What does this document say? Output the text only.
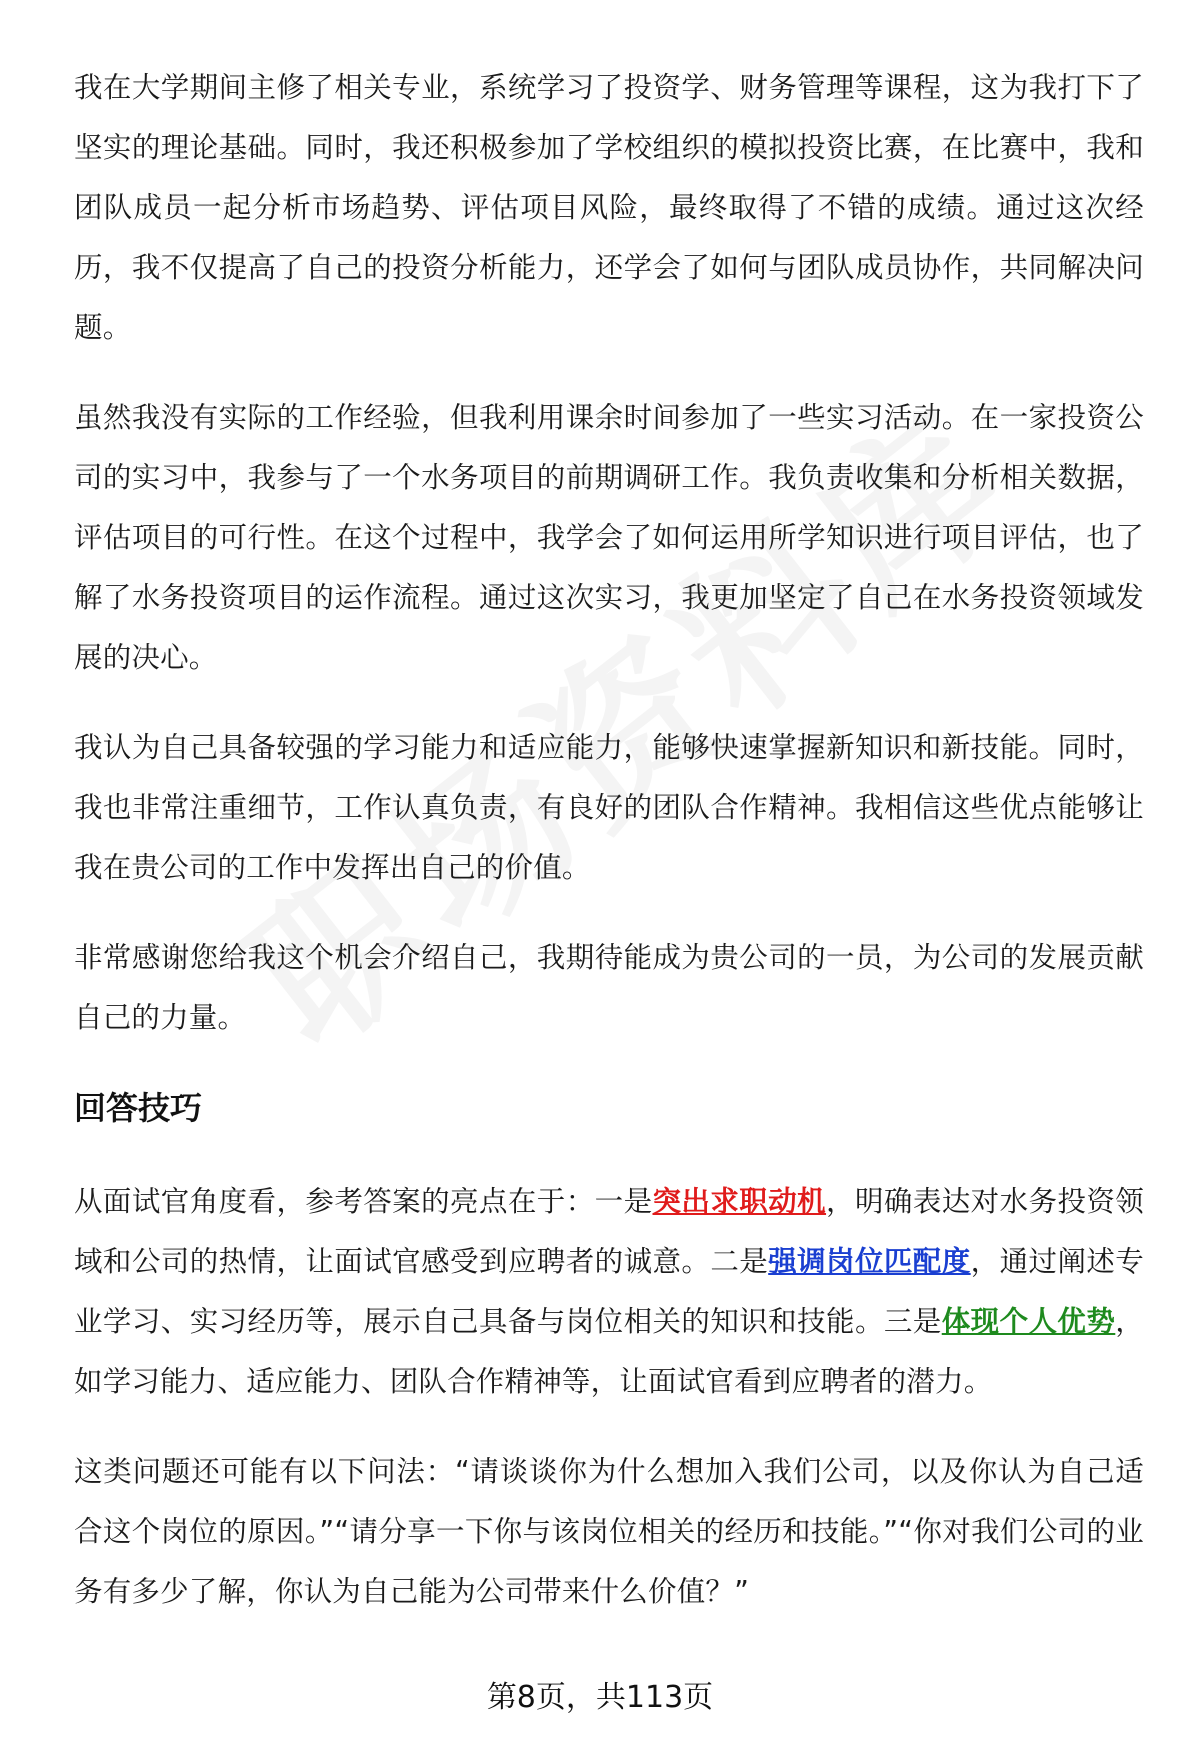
我在大学期间主修了相关专业，系统学习了投资学、财务管理等课程，这为我打下了坚实的理论基础。同时，我还积极参加了学校组织的模拟投资比赛，在比赛中，我和团队成员一起分析市场趋势、评估项目风险，最终取得了不错的成绩。通过这次经历，我不仅提高了自己的投资分析能力，还学会了如何与团队成员协作，共同解决问题。

虽然我没有实际的工作经验，但我利用课余时间参加了一些实习活动。在一家投资公司的实习中，我参与了一个水务项目的前期调研工作。我负责收集和分析相关数据，评估项目的可行性。在这个过程中，我学会了如何运用所学知识进行项目评估，也了解了水务投资项目的运作流程。通过这次实习，我更加坚定了自己在水务投资领域发展的决心。

我认为自己具备较强的学习能力和适应能力，能够快速掌握新知识和新技能。同时，我也非常注重细节，工作认真负责，有良好的团队合作精神。我相信这些优点能够让我在贵公司的工作中发挥出自己的价值。

非常感谢您给我这个机会介绍自己，我期待能成为贵公司的一员，为公司的发展贡献自己的力量。

回答技巧

从面试官角度看，参考答案的亮点在于：一是突出求职动机，明确表达对水务投资领域和公司的热情，让面试官感受到应聘者的诚意。二是强调岗位匹配度，通过阐述专业学习、实习经历等，展示自己具备与岗位相关的知识和技能。三是体现个人优势，如学习能力、适应能力、团队合作精神等，让面试官看到应聘者的潜力。

这类问题还可能有以下问法：“请谈谈你为什么想加入我们公司，以及你认为自己适合这个岗位的原因。”“请分享一下你与该岗位相关的经历和技能。”“你对我们公司的业务有多少了解，你认为自己能为公司带来什么价值？”

第8页，共113页
